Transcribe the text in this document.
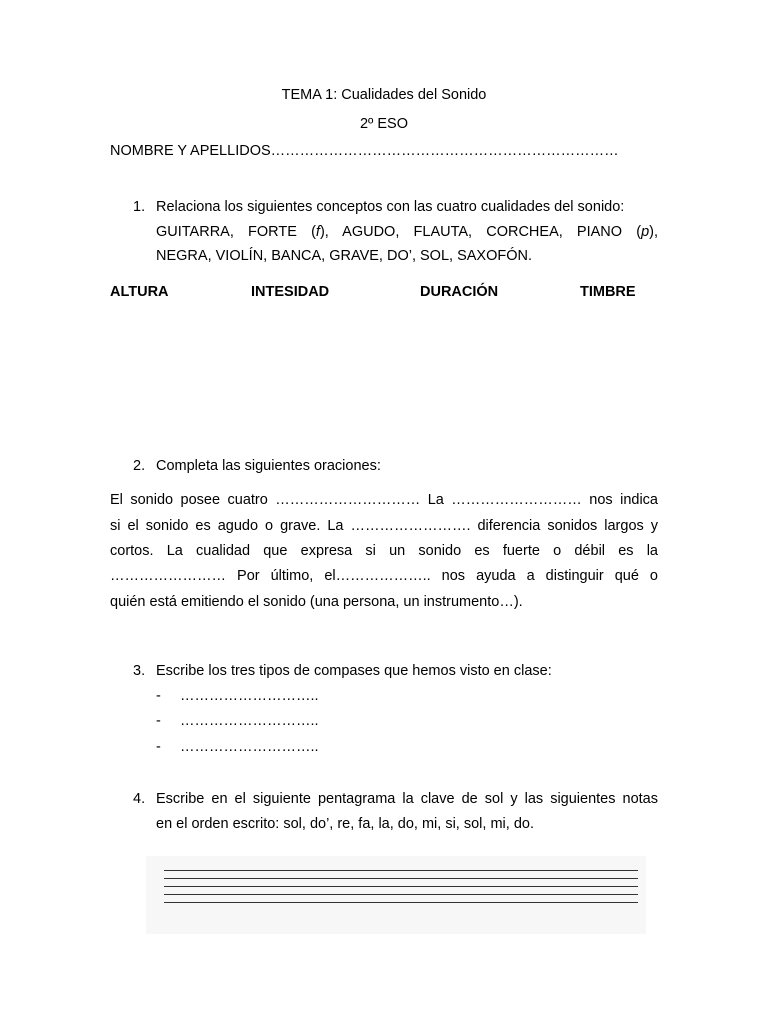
TEMA 1: Cualidades del Sonido
2º ESO
NOMBRE Y APELLIDOS………………………………………………………………
1. Relaciona los siguientes conceptos con las cuatro cualidades del sonido:
GUITARRA, FORTE (f), AGUDO, FLAUTA, CORCHEA, PIANO (p),
NEGRA, VIOLÍN, BANCA, GRAVE, DO’, SOL, SAXOFÓN.
ALTURA	INTESIDAD	DURACIÓN	TIMBRE
2. Completa las siguientes oraciones:
El sonido posee cuatro ………………………… La ……………………… nos indica
si el sonido es agudo o grave. La ……………………. diferencia sonidos largos y
cortos. La cualidad que expresa si un sonido es fuerte o débil es la
…………………… Por último, el……………….. nos ayuda a distinguir qué o
quién está emitiendo el sonido (una persona, un instrumento…).
3. Escribe los tres tipos de compases que hemos visto en clase:
- ………………………..
- ………………………..
- ………………………..
4. Escribe en el siguiente pentagrama la clave de sol y las siguientes notas
en el orden escrito: sol, do’, re, fa, la, do, mi, si, sol, mi, do.
